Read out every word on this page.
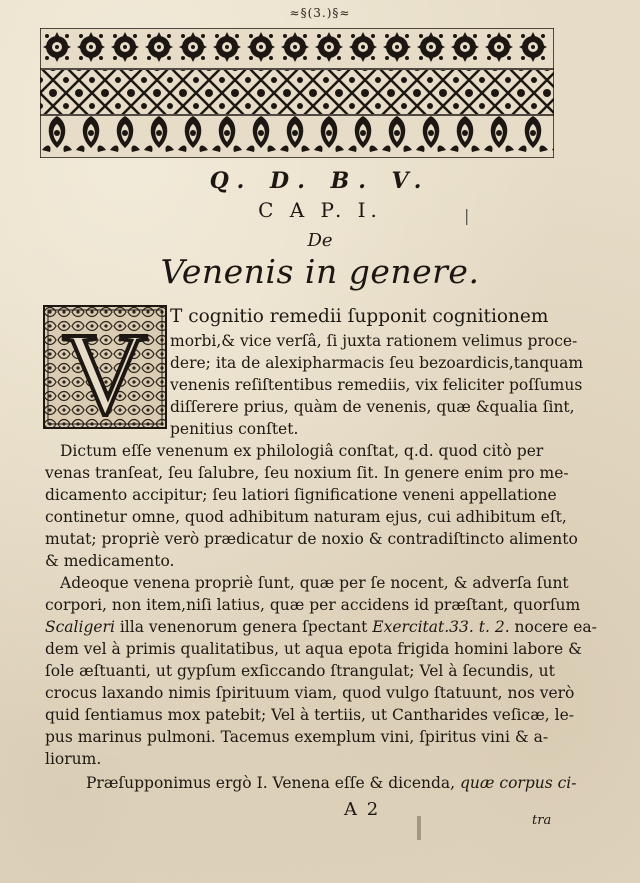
≈§(3.)§≈
Q. D. B. V.
C A P. I.	|
De
Venenis in genere.
V T cognitio remedii ſupponit cognitionem
morbi,& vice verſâ, ſi juxta rationem velimus proce-
dere; ita de alexipharmacis ſeu bezoardicis,tanquam
venenis reſiſtentibus remediis, vix feliciter poſſumus
diſſerere prius, quàm de venenis, quæ &qualia ſint,
penitius conſtet.
Dictum eſſe venenum ex philologiâ conſtat, q.d. quod citò per
venas tranſeat, ſeu ſalubre, ſeu noxium ſit. In genere enim pro me-
dicamento accipitur; ſeu latiori ſignificatione veneni appellatione
continetur omne, quod adhibitum naturam ejus, cui adhibitum eſt,
mutat; propriè verò prædicatur de noxio & contradiſtincto alimento
& medicamento.
Adeoque venena propriè ſunt, quæ per ſe nocent, & adverſa ſunt
corpori, non item,niſi latius, quæ per accidens id præſtant, quorſum
Scaligeri illa venenorum genera ſpectant Exercitat.33. t. 2. nocere ea-
dem vel à primis qualitatibus, ut aqua epota frigida homini labore &
ſole æſtuanti, ut gypſum exſiccando ſtrangulat; Vel à ſecundis, ut
crocus laxando nimis ſpirituum viam, quod vulgo ſtatuunt, nos verò
quid ſentiamus mox patebit; Vel à tertiis, ut Cantharides veſicæ, le-
pus marinus pulmoni. Tacemus exemplum vini, ſpiritus vini & a-
liorum.
Præſupponimus ergò I. Venena eſſe & dicenda, quæ corpus ci-
A 2
tra
